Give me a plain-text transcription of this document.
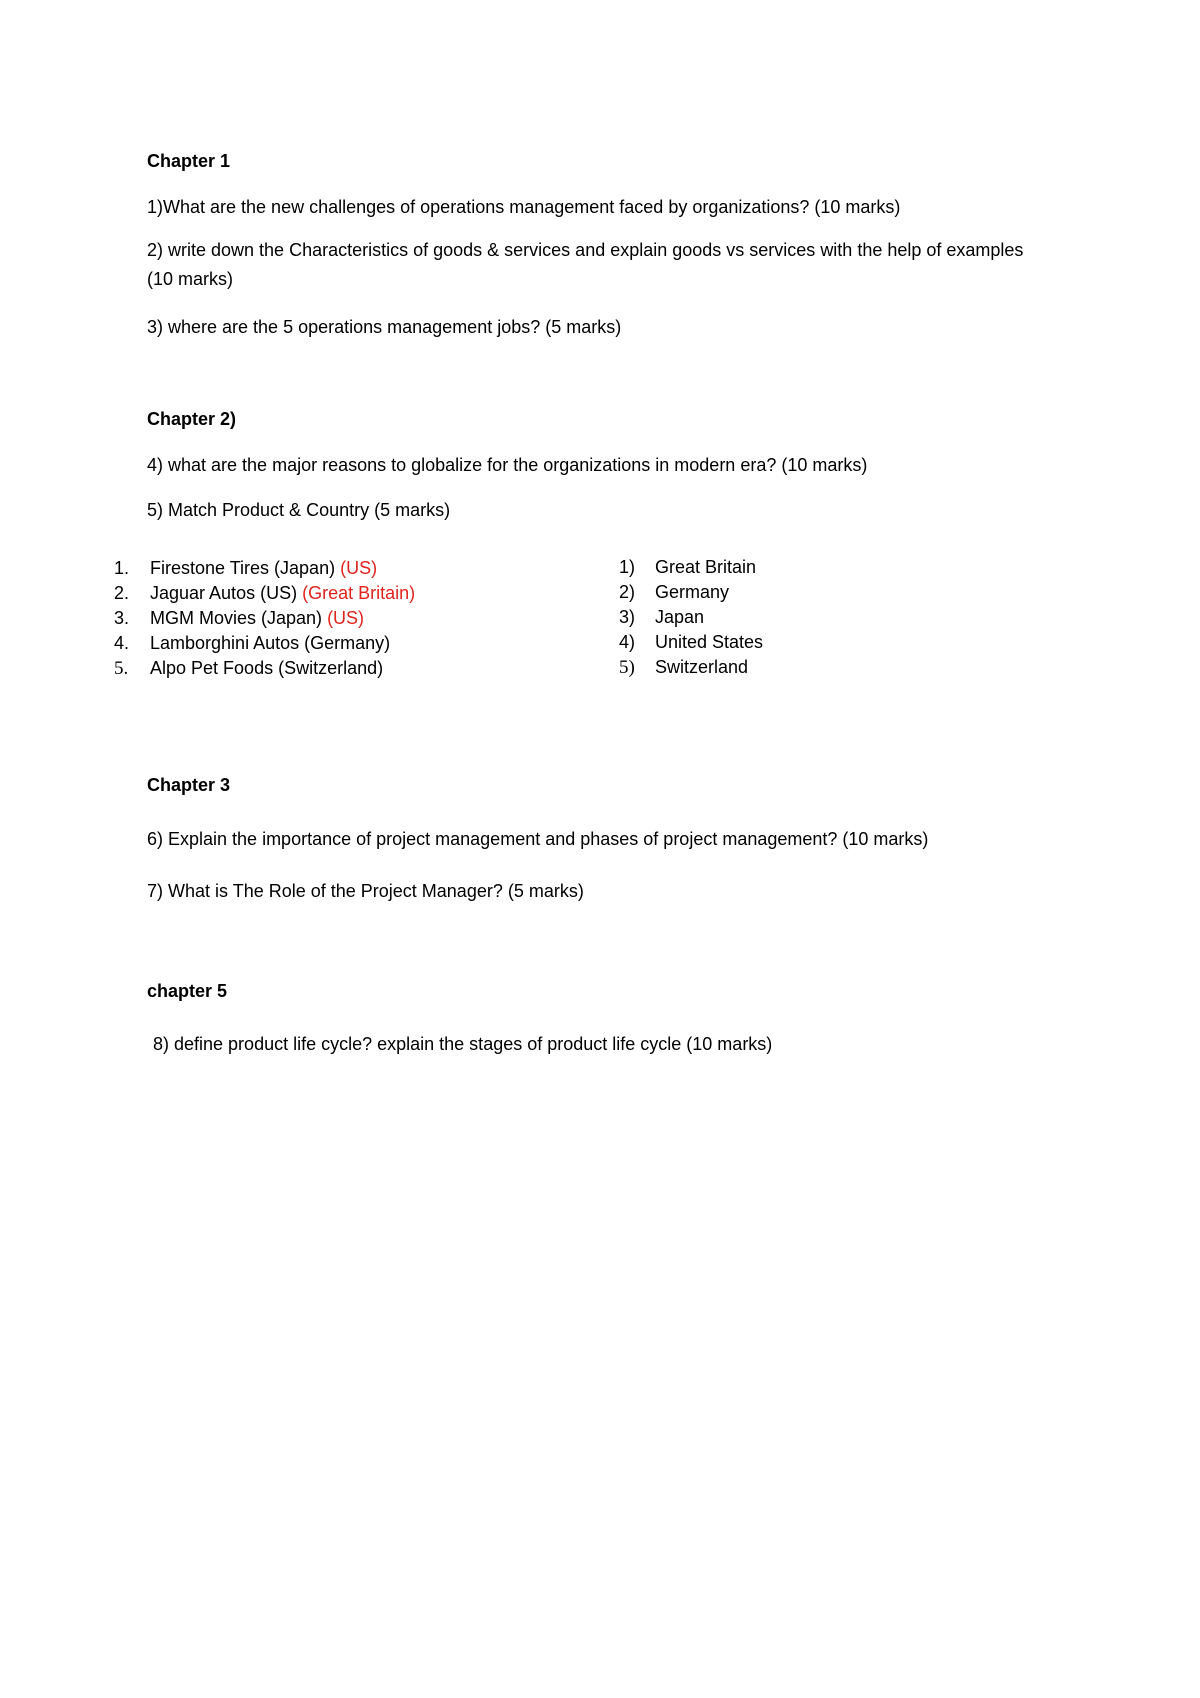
Chapter 1
1)What are the new challenges of operations management faced by organizations? (10 marks)
2) write down the Characteristics of goods & services and explain goods vs services with the help of examples (10 marks)
3) where are the 5 operations management jobs? (5 marks)
Chapter 2)
4) what are the major reasons to globalize for the organizations in modern era? (10 marks)
5) Match Product & Country (5 marks)
1. Firestone Tires (Japan) (US)
2. Jaguar Autos (US) (Great Britain)
3. MGM Movies (Japan) (US)
4. Lamborghini Autos (Germany)
5. Alpo Pet Foods (Switzerland)
1) Great Britain
2) Germany
3) Japan
4) United States
5) Switzerland
Chapter 3
6) Explain the importance of project management and phases of project management? (10 marks)
7) What is The Role of the Project Manager? (5 marks)
chapter 5
8) define product life cycle? explain the stages of product life cycle (10 marks)
